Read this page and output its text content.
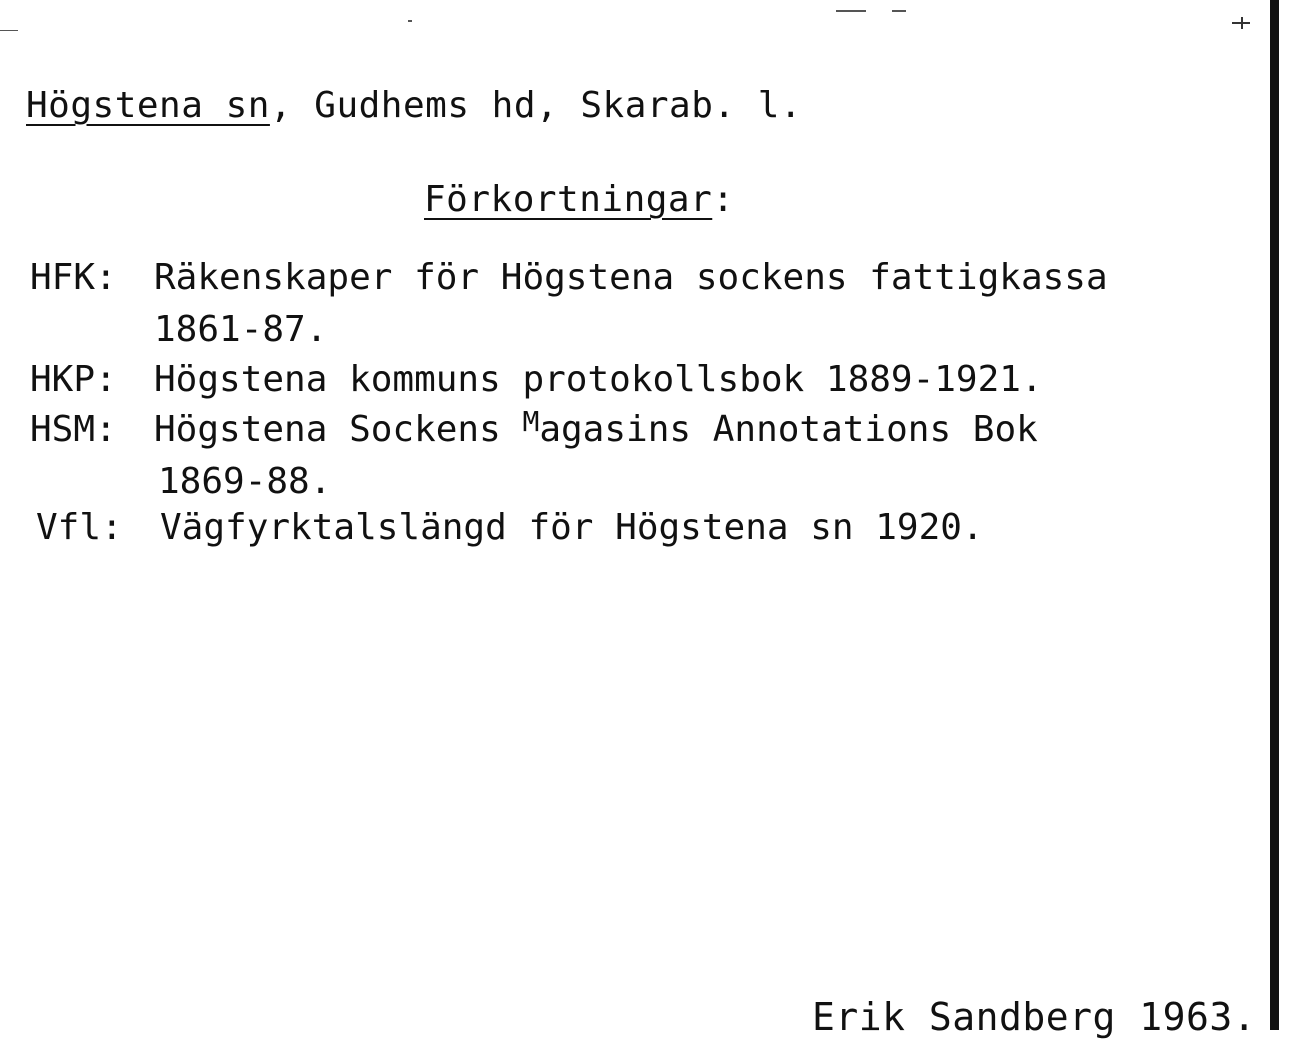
Högstena sn, Gudhems hd, Skarab. l.
Förkortningar:
HFK: Räkenskaper för Högstena sockens fattigkassa
1861-87.
HKP: Högstena kommuns protokollsbok 1889-1921.
HSM: Högstena Sockens $^M$agasins Annotations Bok
1869-88.
Vfl: Vägfyrktalslängd för Högstena sn 1920.
Erik Sandberg 1963.
